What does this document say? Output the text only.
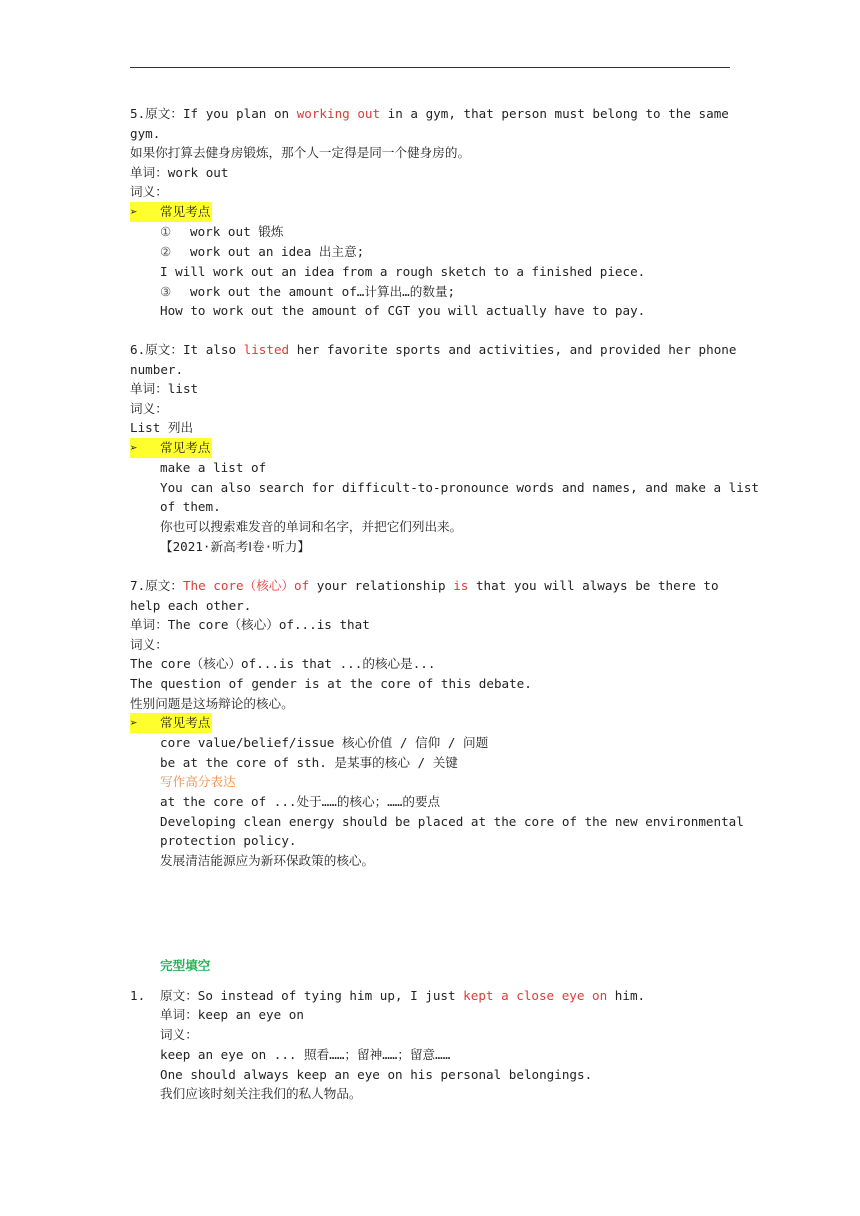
5.原文：If you plan on working out in a gym, that person must belong to the same
gym.
如果你打算去健身房锻炼，那个人一定得是同一个健身房的。
单词：work out
词义：
➢ 常见考点
① work out 锻炼
② work out an idea 出主意;
I will work out an idea from a rough sketch to a finished piece.
③ work out the amount of…计算出…的数量;
How to work out the amount of CGT you will actually have to pay.
6.原文：It also listed her favorite sports and activities, and provided her phone
number.
单词：list
词义：
List 列出
➢ 常见考点
make a list of
You can also search for difficult-to-pronounce words and names, and make a list
of them.
你也可以搜索难发音的单词和名字，并把它们列出来。
【2021·新高考Ⅰ卷·听力】
7.原文：The core（核心）of your relationship is that you will always be there to
help each other.
单词：The core（核心）of...is that
词义：
The core（核心）of...is that ...的核心是...
The question of gender is at the core of this debate.
性别问题是这场辩论的核心。
➢ 常见考点
core value/belief/issue 核心价值 / 信仰 / 问题
be at the core of sth. 是某事的核心 / 关键
写作高分表达
at the core of ...处于……的核心；……的要点
Developing clean energy should be placed at the core of the new environmental
protection policy.
发展清洁能源应为新环保政策的核心。
完型填空
1. 原文：So instead of tying him up, I just kept a close eye on him.
单词：keep an eye on
词义：
keep an eye on ... 照看……；留神……；留意……
One should always keep an eye on his personal belongings.
我们应该时刻关注我们的私人物品。
